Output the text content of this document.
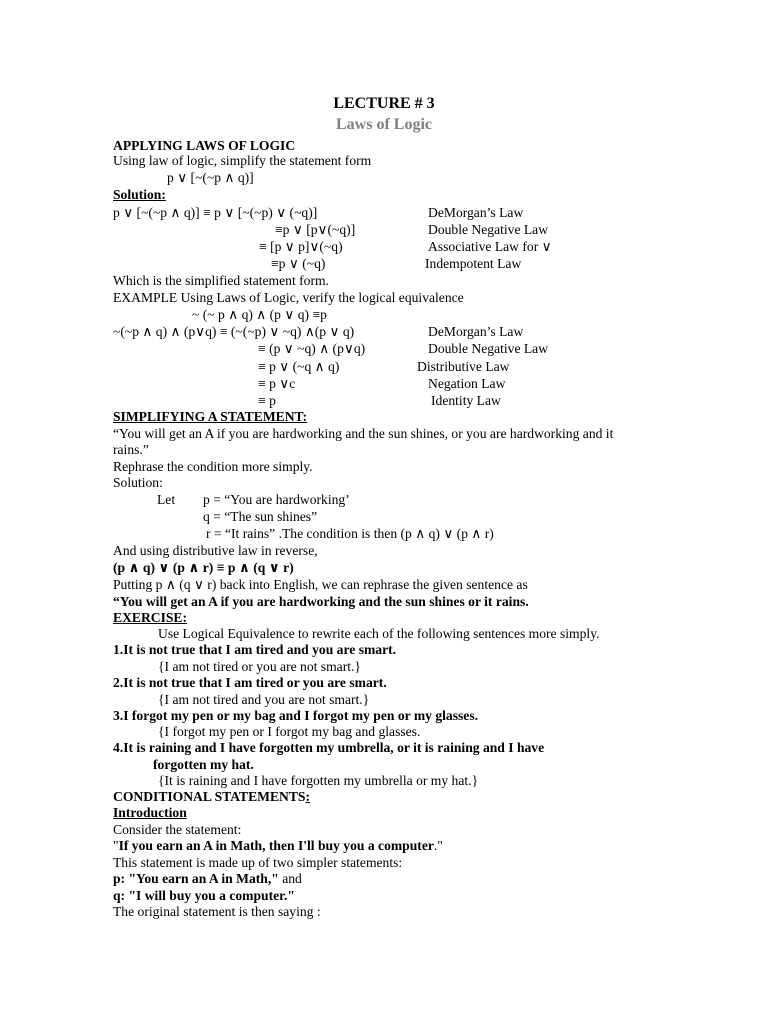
LECTURE # 3
Laws of Logic
APPLYING LAWS OF LOGIC
Using law of logic, simplify the statement form
p ∨ [~(~p ∧ q)]
Solution:
p ∨ [~(~p ∧ q)] ≡ p ∨ [~(~p) ∨ (~q)]	DeMorgan’s Law
≡p ∨ [p∨(~q)]	Double Negative Law
≡ [p ∨ p]∨(~q)	Associative Law for ∨
≡p ∨ (~q)	Indempotent Law
Which is the simplified statement form.
EXAMPLE Using Laws of Logic, verify the logical equivalence
~ (~ p ∧ q) ∧ (p ∨ q) ≡p
~(~p ∧ q) ∧ (p∨q) ≡ (~(~p) ∨ ~q) ∧(p ∨ q)	DeMorgan’s Law
≡ (p ∨ ~q) ∧ (p∨q)	Double Negative Law
≡ p ∨ (~q ∧ q)	Distributive Law
≡ p ∨c	Negation Law
≡ p	Identity Law
SIMPLIFYING A STATEMENT:
“You will get an A if you are hardworking and the sun shines, or you are hardworking and it
rains.”
Rephrase the condition more simply.
Solution:
Let p = “You are hardworking’
q = “The sun shines”
r = “It rains” .The condition is then (p ∧ q) ∨ (p ∧ r)
And using distributive law in reverse,
(p ∧ q) ∨ (p ∧ r) ≡ p ∧ (q ∨ r)
Putting p ∧ (q ∨ r) back into English, we can rephrase the given sentence as
“You will get an A if you are hardworking and the sun shines or it rains.
EXERCISE:
Use Logical Equivalence to rewrite each of the following sentences more simply.
1.It is not true that I am tired and you are smart.
{I am not tired or you are not smart.}
2.It is not true that I am tired or you are smart.
{I am not tired and you are not smart.}
3.I forgot my pen or my bag and I forgot my pen or my glasses.
{I forgot my pen or I forgot my bag and glasses.
4.It is raining and I have forgotten my umbrella, or it is raining and I have
forgotten my hat.
{It is raining and I have forgotten my umbrella or my hat.}
CONDITIONAL STATEMENTS:
Introduction
Consider the statement:
"If you earn an A in Math, then I'll buy you a computer."
This statement is made up of two simpler statements:
p: "You earn an A in Math," and
q: "I will buy you a computer."
The original statement is then saying :
